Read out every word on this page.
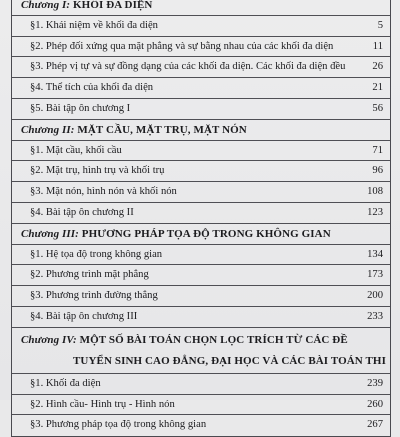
Chương I: KHỐI ĐA DIỆN
§1. Khái niệm về khối đa diện	5
§2. Phép đối xứng qua mặt phẳng và sự bằng nhau của các khối đa diện	11
§3. Phép vị tự và sự đồng dạng của các khối đa diện. Các khối đa diện đều	26
§4. Thể tích của khối đa diện	21
§5. Bài tập ôn chương I	56
Chương II: MẶT CẦU, MẶT TRỤ, MẶT NÓN
§1. Mặt cầu, khối cầu	71
§2. Mặt trụ, hình trụ và khối trụ	96
§3. Mặt nón, hình nón và khối nón	108
§4. Bài tập ôn chương II	123
Chương III: PHƯƠNG PHÁP TỌA ĐỘ TRONG KHÔNG GIAN
§1. Hệ tọa độ trong không gian	134
§2. Phương trình mặt phẳng	173
§3. Phương trình đường thẳng	200
§4. Bài tập ôn chương III	233
Chương IV: MỘT SỐ BÀI TOÁN CHỌN LỌC TRÍCH TỪ CÁC ĐỀ
TUYỂN SINH CAO ĐẲNG, ĐẠI HỌC VÀ CÁC BÀI TOÁN THI
§1. Khối đa diện	239
§2. Hình cầu- Hình trụ - Hình nón	260
§3. Phương pháp tọa độ trong không gian	267
